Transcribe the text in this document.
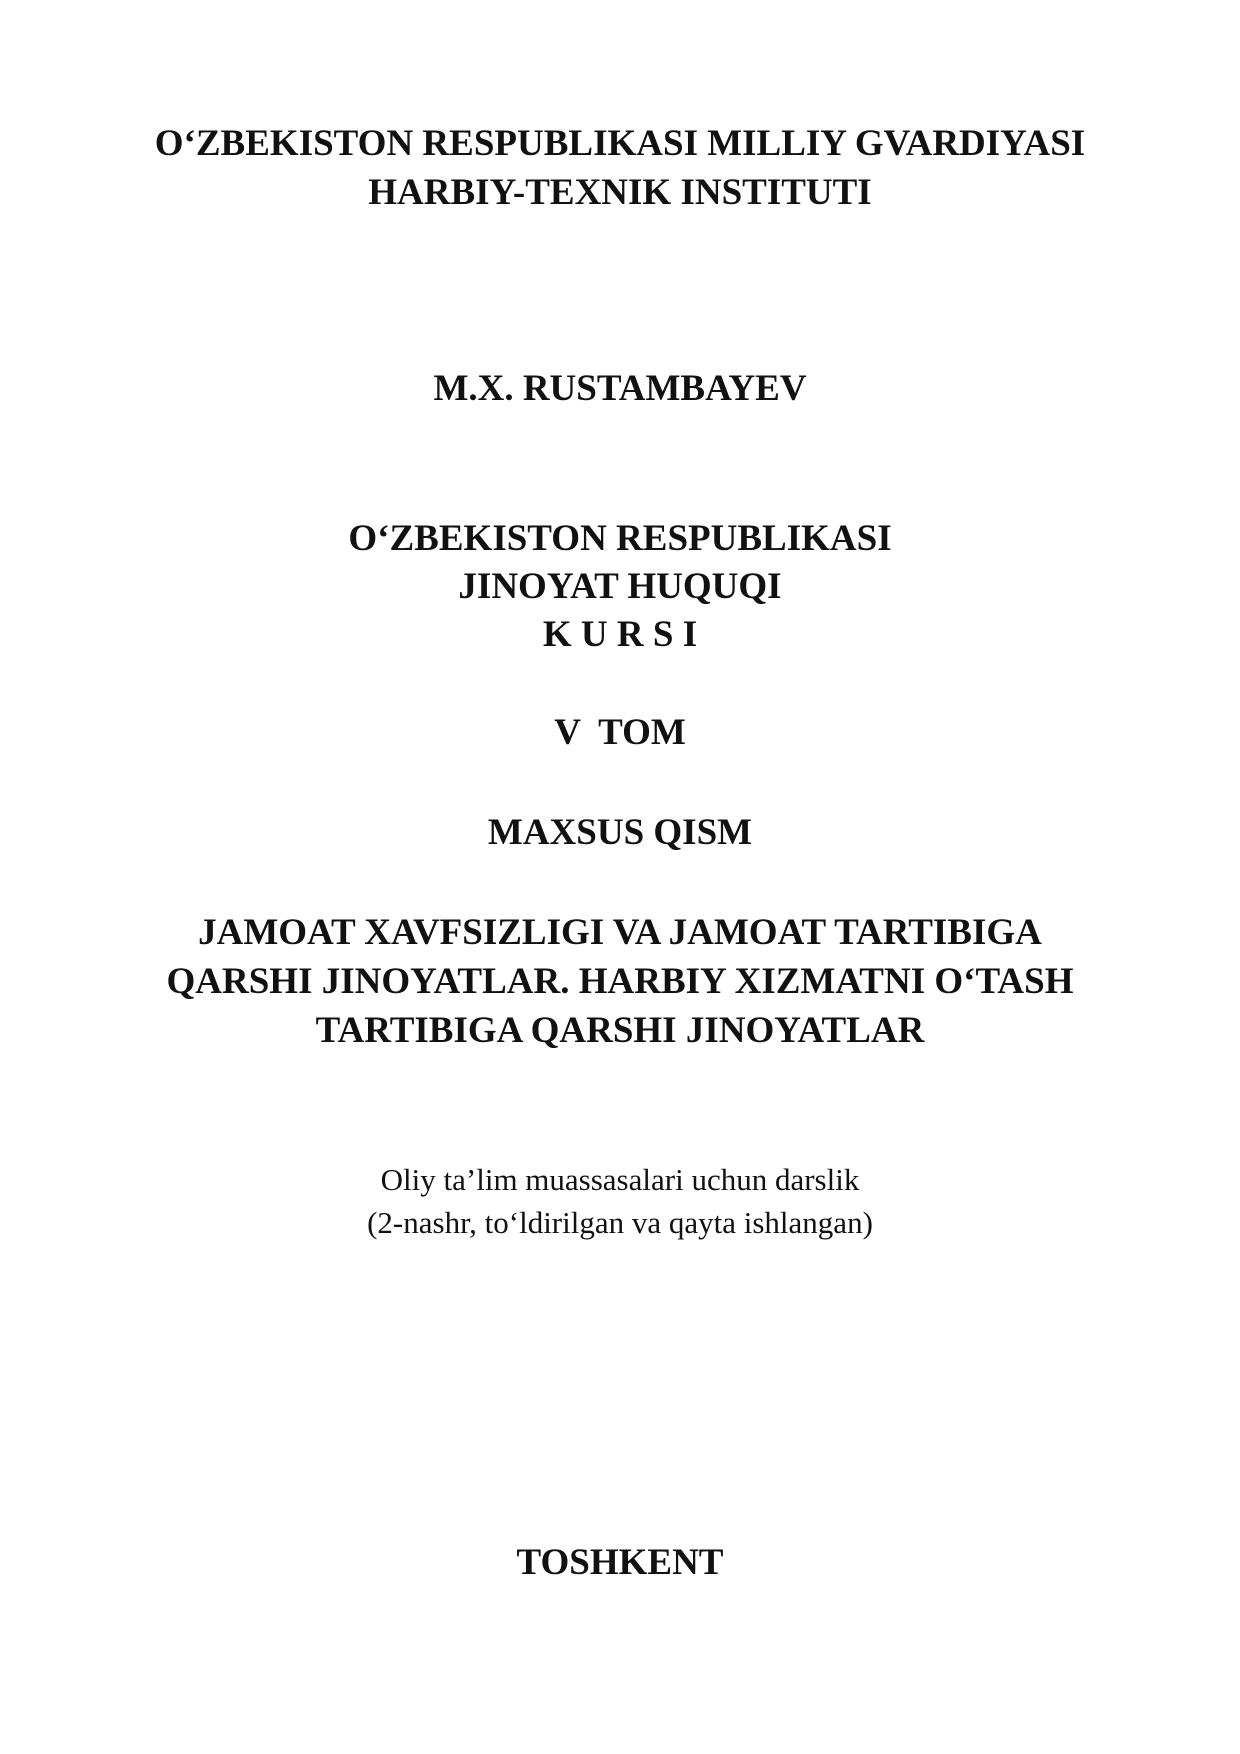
O‘ZBEKISTON RESPUBLIKASI MILLIY GVARDIYASI
HARBIY-TEXNIK INSTITUTI
M.X. RUSTAMBAYEV
O‘ZBEKISTON RESPUBLIKASI
JINOYAT HUQUQI
K U R S I
V  TOM
MAXSUS QISM
JAMOAT XAVFSIZLIGI VA JAMOAT TARTIBIGA
QARSHI JINOYATLAR. HARBIY XIZMATNI O‘TASH
TARTIBIGA QARSHI JINOYATLAR
Oliy ta’lim muassasalari uchun darslik
(2-nashr, to‘ldirilgan va qayta ishlangan)
TOSHKENT
